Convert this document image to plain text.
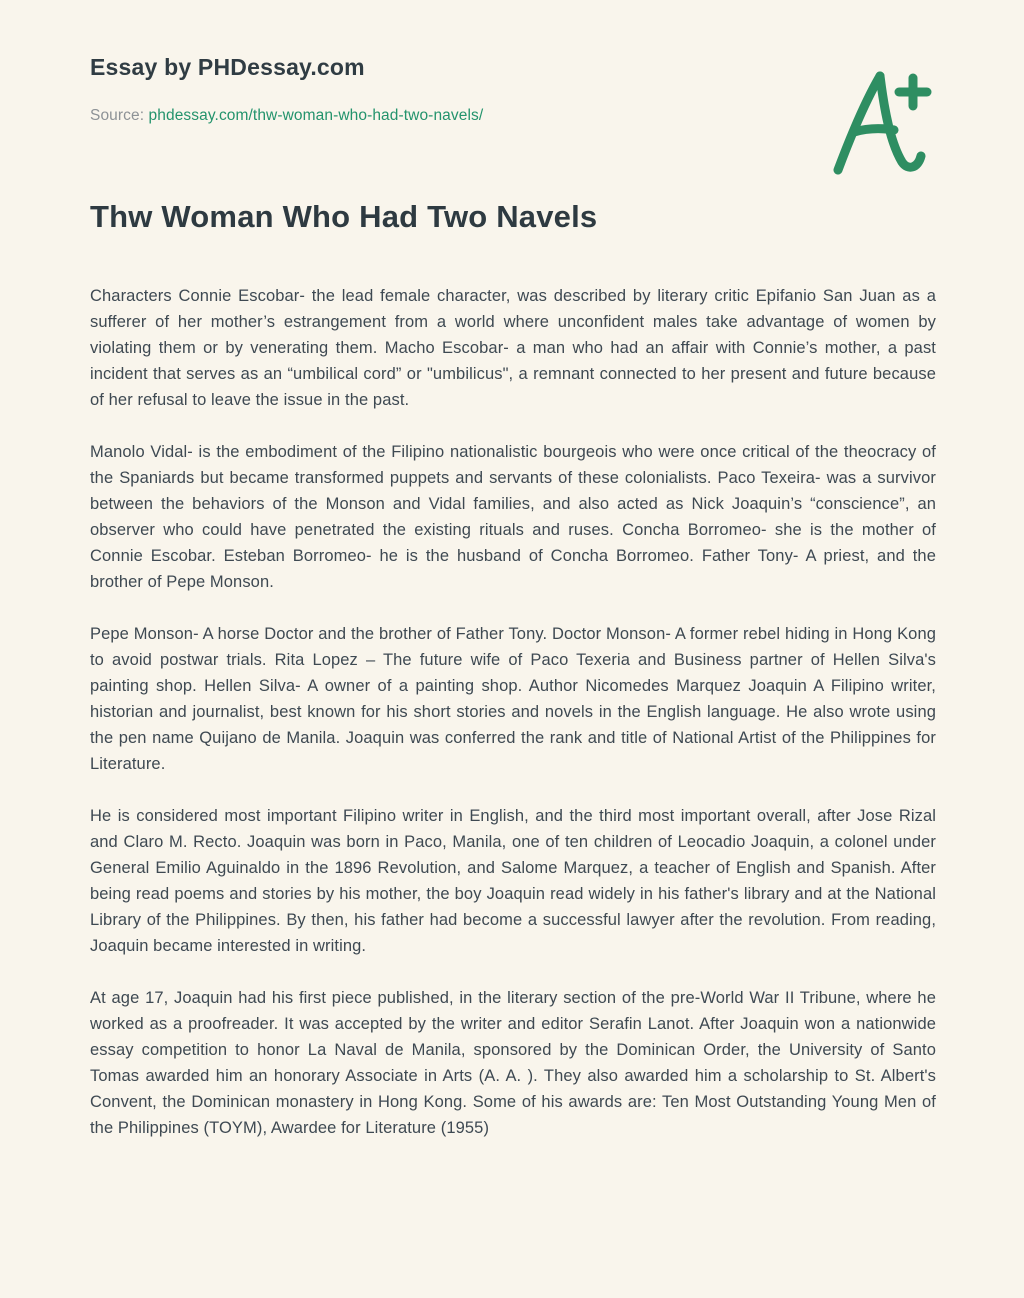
Essay by PHDessay.com
Source: phdessay.com/thw-woman-who-had-two-navels/
Thw Woman Who Had Two Navels

Characters Connie Escobar- the lead female character, was described by literary critic Epifanio San Juan as a sufferer of her mother’s estrangement from a world where unconfident males take advantage of women by violating them or by venerating them. Macho Escobar- a man who had an affair with Connie’s mother, a past incident that serves as an “umbilical cord” or "umbilicus", a remnant connected to her present and future because of her refusal to leave the issue in the past.

Manolo Vidal- is the embodiment of the Filipino nationalistic bourgeois who were once critical of the theocracy of the Spaniards but became transformed puppets and servants of these colonialists. Paco Texeira- was a survivor between the behaviors of the Monson and Vidal families, and also acted as Nick Joaquin’s “conscience”, an observer who could have penetrated the existing rituals and ruses. Concha Borromeo- she is the mother of Connie Escobar. Esteban Borromeo- he is the husband of Concha Borromeo. Father Tony- A priest, and the brother of Pepe Monson.

Pepe Monson- A horse Doctor and the brother of Father Tony. Doctor Monson- A former rebel hiding in Hong Kong to avoid postwar trials. Rita Lopez – The future wife of Paco Texeria and Business partner of Hellen Silva's painting shop. Hellen Silva- A owner of a painting shop. Author Nicomedes Marquez Joaquin A Filipino writer, historian and journalist, best known for his short stories and novels in the English language. He also wrote using the pen name Quijano de Manila. Joaquin was conferred the rank and title of National Artist of the Philippines for Literature.

He is considered most important Filipino writer in English, and the third most important overall, after Jose Rizal and Claro M. Recto. Joaquin was born in Paco, Manila, one of ten children of Leocadio Joaquin, a colonel under General Emilio Aguinaldo in the 1896 Revolution, and Salome Marquez, a teacher of English and Spanish. After being read poems and stories by his mother, the boy Joaquin read widely in his father's library and at the National Library of the Philippines. By then, his father had become a successful lawyer after the revolution. From reading, Joaquin became interested in writing.

At age 17, Joaquin had his first piece published, in the literary section of the pre-World War II Tribune, where he worked as a proofreader. It was accepted by the writer and editor Serafin Lanot. After Joaquin won a nationwide essay competition to honor La Naval de Manila, sponsored by the Dominican Order, the University of Santo Tomas awarded him an honorary Associate in Arts (A. A. ). They also awarded him a scholarship to St. Albert's Convent, the Dominican monastery in Hong Kong. Some of his awards are: Ten Most Outstanding Young Men of the Philippines (TOYM), Awardee for Literature (1955)
